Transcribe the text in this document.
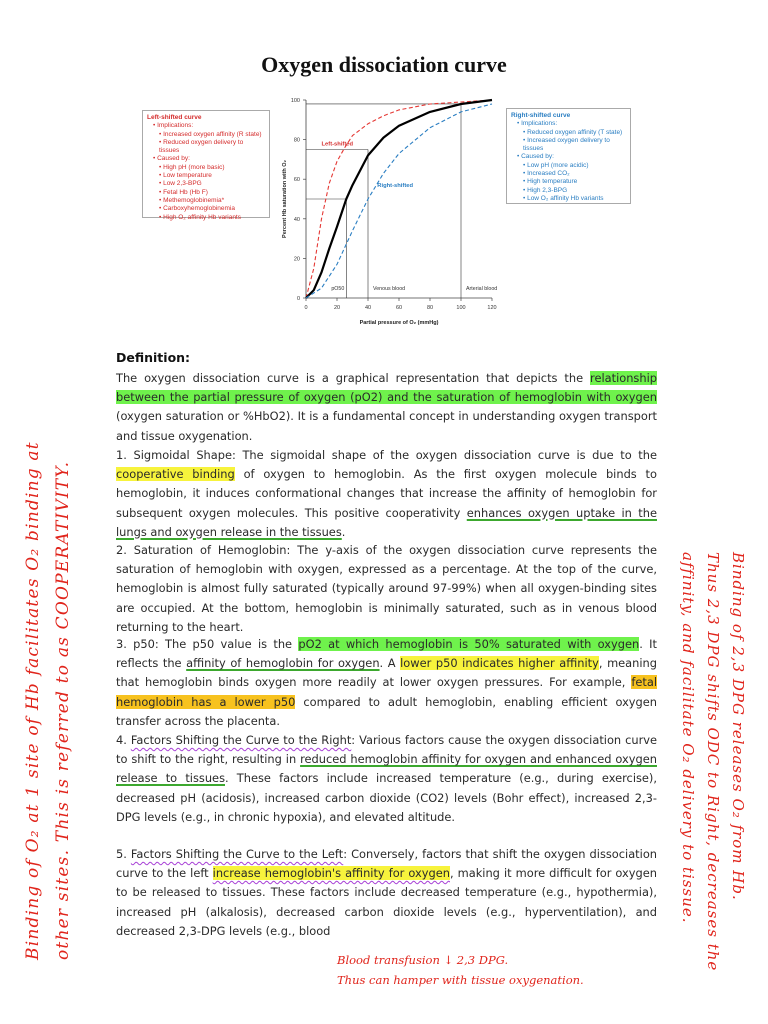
Oxygen dissociation curve
Left-shifted curve
• Implications:
• Increased oxygen affinity (R state)
• Reduced oxygen delivery to tissues
• Caused by:
• High pH (more basic)
• Low temperature
• Low 2,3-BPG
• Fetal Hb (Hb F)
• Methemoglobinemia*
• Carboxyhemoglobinemia
• High O₂ affinity Hb variants
0	20	40	60	80	100	120
0
20
40
60
80
100
Partial pressure of O₂ (mmHg)
Percent Hb saturation with O₂
pO50	Venous blood	Arterial blood
Left-shifted
Right-shifted
Right-shifted curve
• Implications:
• Reduced oxygen affinity (T state)
• Increased oxygen delivery to tissues
• Caused by:
• Low pH (more acidic)
• Increased CO₂
• High temperature
• High 2,3-BPG
• Low O₂ affinity Hb variants
Definition:
The oxygen dissociation curve is a graphical representation that depicts the relationship between the partial pressure of oxygen (pO2) and the saturation of hemoglobin with oxygen (oxygen saturation or %HbO2). It is a fundamental concept in understanding oxygen transport and tissue oxygenation.
1. Sigmoidal Shape: The sigmoidal shape of the oxygen dissociation curve is due to the cooperative binding of oxygen to hemoglobin. As the first oxygen molecule binds to hemoglobin, it induces conformational changes that increase the affinity of hemoglobin for subsequent oxygen molecules. This positive cooperativity enhances oxygen uptake in the lungs and oxygen release in the tissues.
2. Saturation of Hemoglobin: The y-axis of the oxygen dissociation curve represents the saturation of hemoglobin with oxygen, expressed as a percentage. At the top of the curve, hemoglobin is almost fully saturated (typically around 97-99%) when all oxygen-binding sites are occupied. At the bottom, hemoglobin is minimally saturated, such as in venous blood returning to the heart.
3. p50: The p50 value is the pO2 at which hemoglobin is 50% saturated with oxygen. It reflects the affinity of hemoglobin for oxygen. A lower p50 indicates higher affinity, meaning that hemoglobin binds oxygen more readily at lower oxygen pressures. For example, fetal hemoglobin has a lower p50 compared to adult hemoglobin, enabling efficient oxygen transfer across the placenta.
4. Factors Shifting the Curve to the Right: Various factors cause the oxygen dissociation curve to shift to the right, resulting in reduced hemoglobin affinity for oxygen and enhanced oxygen release to tissues. These factors include increased temperature (e.g., during exercise), decreased pH (acidosis), increased carbon dioxide (CO2) levels (Bohr effect), increased 2,3-DPG levels (e.g., in chronic hypoxia), and elevated altitude.
5. Factors Shifting the Curve to the Left: Conversely, factors that shift the oxygen dissociation curve to the left increase hemoglobin's affinity for oxygen, making it more difficult for oxygen to be released to tissues. These factors include decreased temperature (e.g., hypothermia), increased pH (alkalosis), decreased carbon dioxide levels (e.g., hyperventilation), and decreased 2,3-DPG levels (e.g., blood
Binding of O₂ at 1 site of Hb facilitates O₂ binding at other sites. This is referred to as COOPERATIVITY.	Binding of 2,3 DPG releases O₂ from Hb.
Thus 2,3 DPG shifts ODC to Right, decreases the
affinity, and facilitate O₂ delivery to tissue.
Blood transfusion ↓ 2,3 DPG.
Thus can hamper with tissue oxygenation.
